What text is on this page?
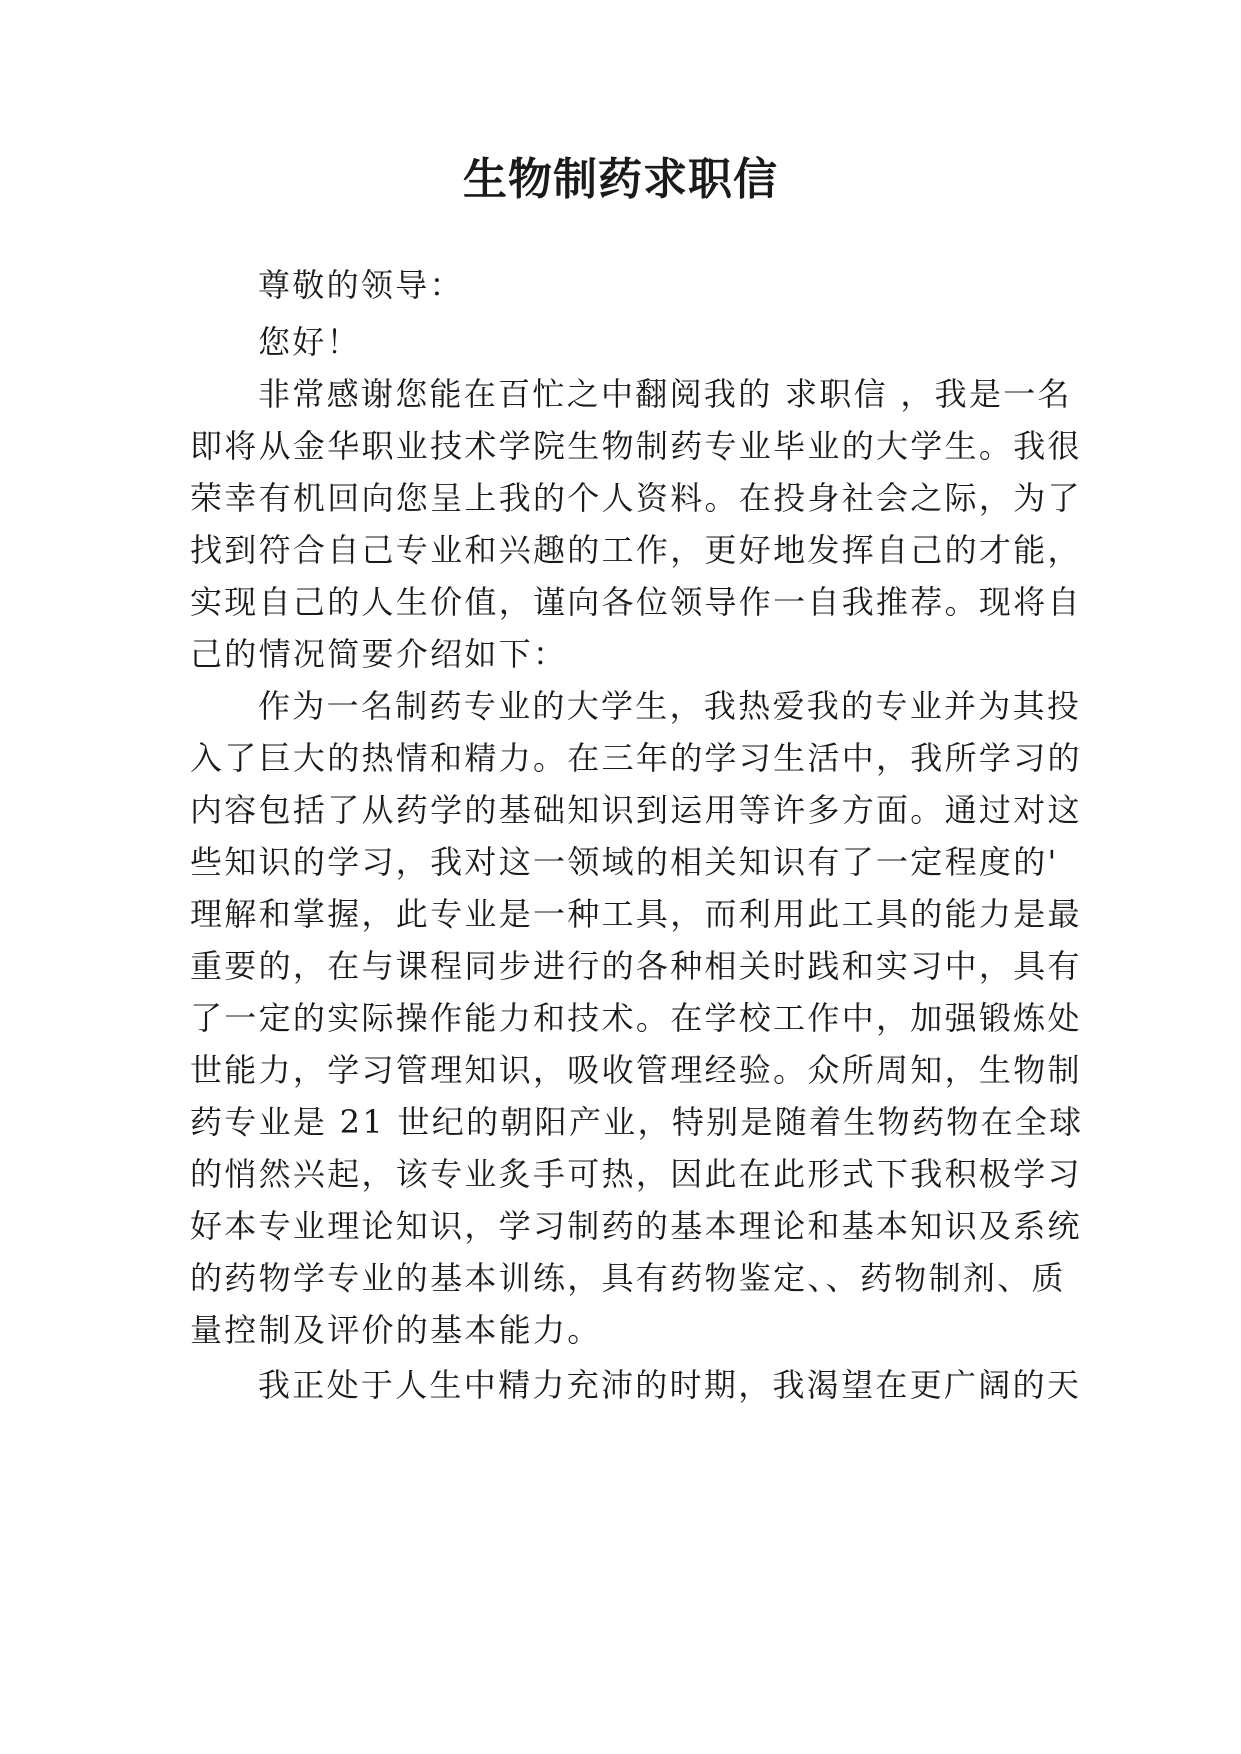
生物制药求职信
尊敬的领导：
您好！
非常感谢您能在百忙之中翻阅我的 求职信 ，我是一名
即将从金华职业技术学院生物制药专业毕业的大学生。我很
荣幸有机回向您呈上我的个人资料。在投身社会之际，为了
找到符合自己专业和兴趣的工作，更好地发挥自己的才能，
实现自己的人生价值，谨向各位领导作一自我推荐。现将自
己的情况简要介绍如下：
作为一名制药专业的大学生，我热爱我的专业并为其投
入了巨大的热情和精力。在三年的学习生活中，我所学习的
内容包括了从药学的基础知识到运用等许多方面。通过对这
些知识的学习，我对这一领域的相关知识有了一定程度的'
理解和掌握，此专业是一种工具，而利用此工具的能力是最
重要的，在与课程同步进行的各种相关时践和实习中，具有
了一定的实际操作能力和技术。在学校工作中，加强锻炼处
世能力，学习管理知识，吸收管理经验。众所周知，生物制
药专业是 21 世纪的朝阳产业，特别是随着生物药物在全球
的悄然兴起，该专业炙手可热，因此在此形式下我积极学习
好本专业理论知识，学习制药的基本理论和基本知识及系统
的药物学专业的基本训练，具有药物鉴定、、药物制剂、质
量控制及评价的基本能力。
我正处于人生中精力充沛的时期，我渴望在更广阔的天
